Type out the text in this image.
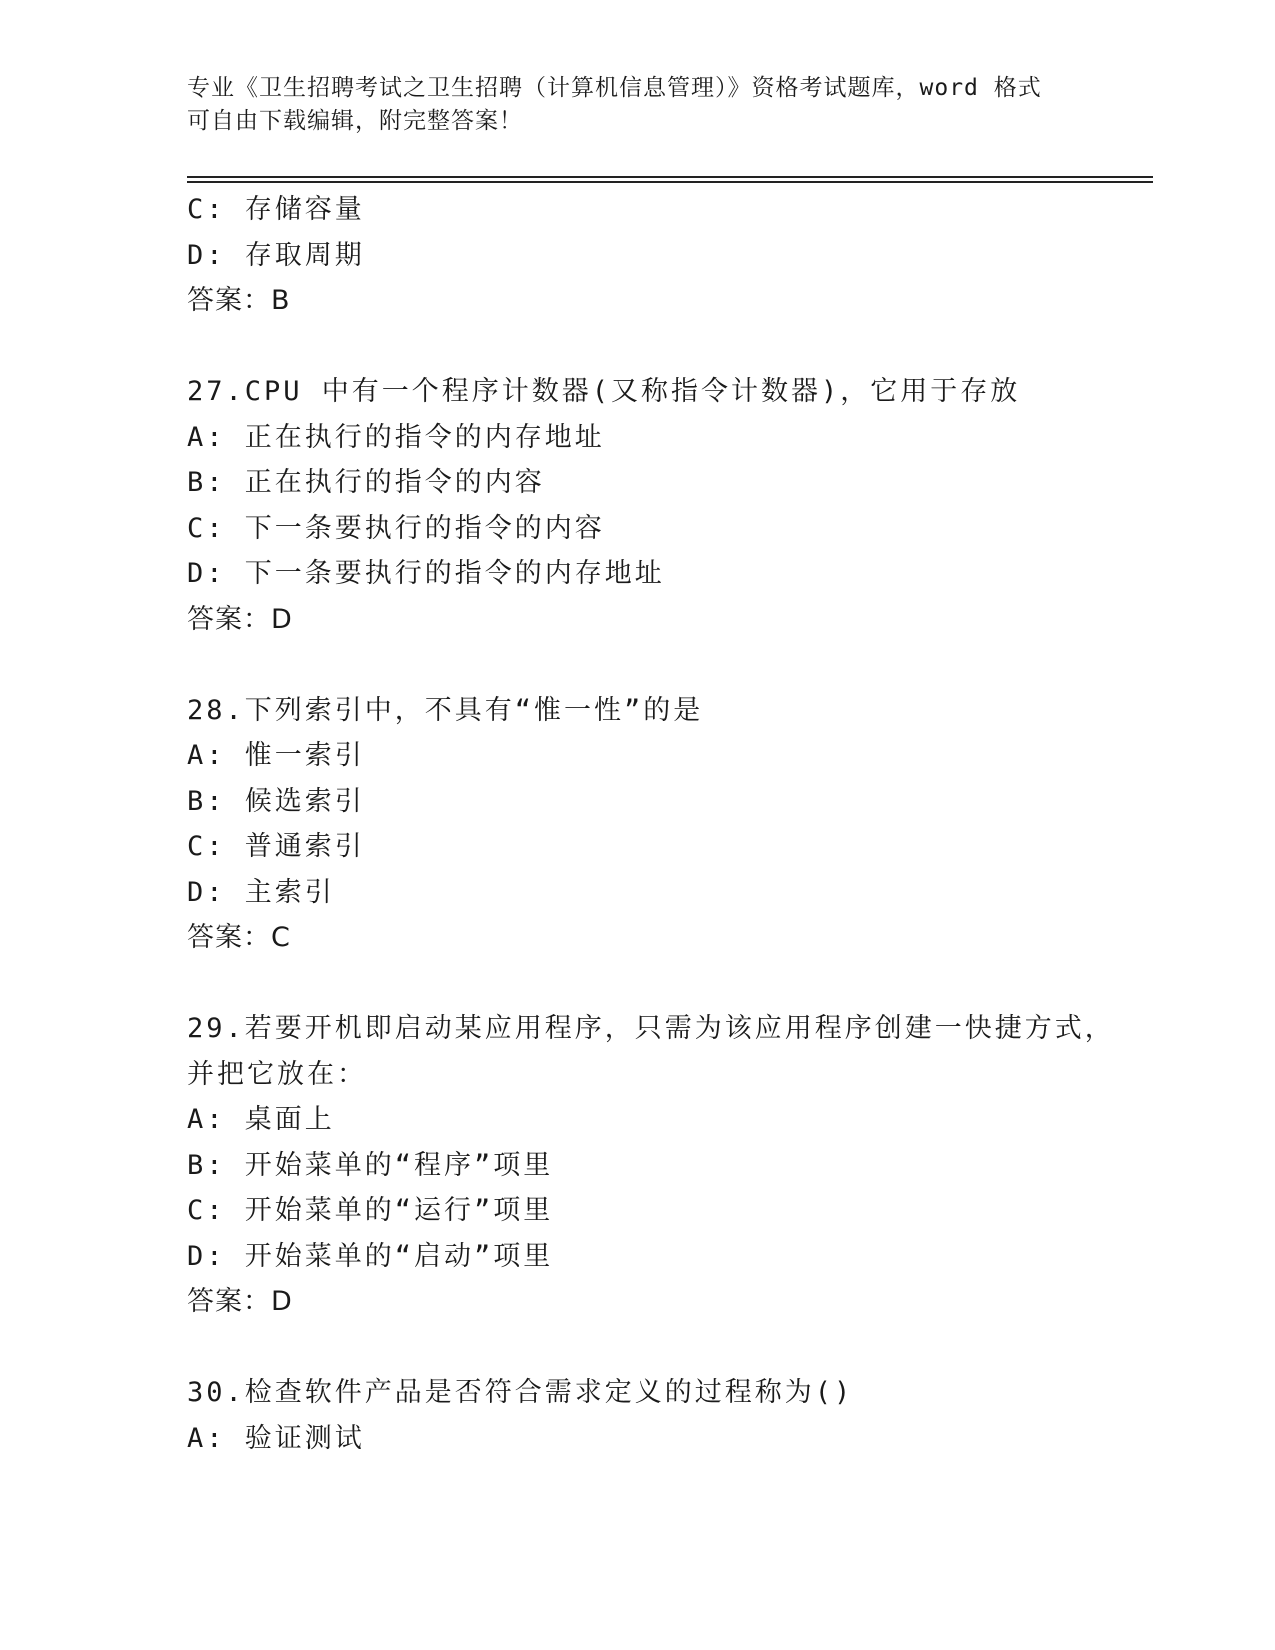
专业《卫生招聘考试之卫生招聘（计算机信息管理）》资格考试题库，word 格式
可自由下载编辑，附完整答案！
C: 存储容量
D: 存取周期
答案：B
27.CPU 中有一个程序计数器(又称指令计数器)，它用于存放
A: 正在执行的指令的内存地址
B: 正在执行的指令的内容
C: 下一条要执行的指令的内容
D: 下一条要执行的指令的内存地址
答案：D
28.下列索引中，不具有“惟一性”的是
A: 惟一索引
B: 候选索引
C: 普通索引
D: 主索引
答案：C
29.若要开机即启动某应用程序，只需为该应用程序创建一快捷方式，
并把它放在：
A: 桌面上
B: 开始菜单的“程序”项里
C: 开始菜单的“运行”项里
D: 开始菜单的“启动”项里
答案：D
30.检查软件产品是否符合需求定义的过程称为()
A: 验证测试
